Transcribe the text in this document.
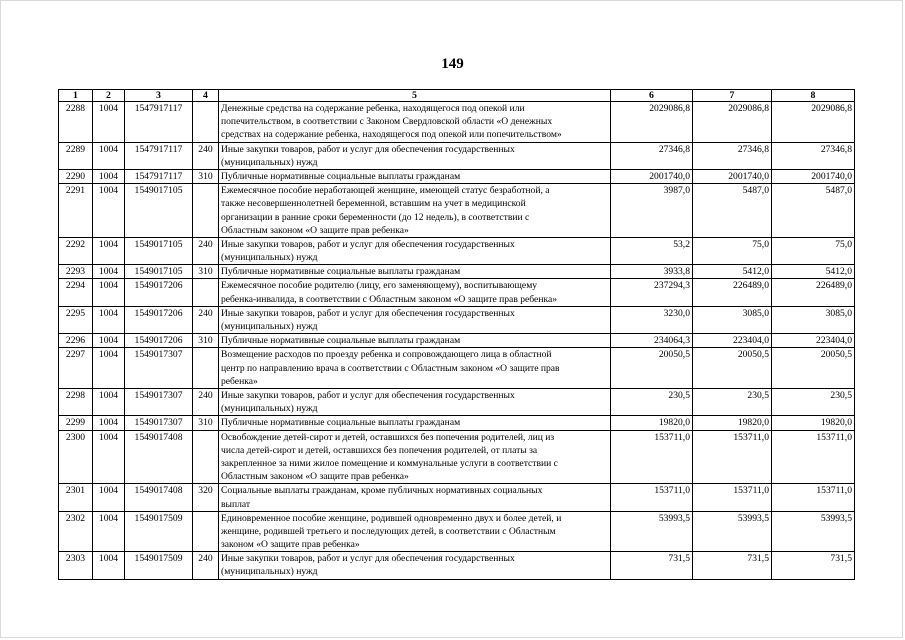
149
1	2	3	4	5	6	7	8
2288	1004	1547917117		Денежные средства на содержание ребенка, находящегося под опекой или
попечительством, в соответствии с Законом Свердловской области «О денежных
средствах на содержание ребенка, находящегося под опекой или попечительством»	2029086,8	2029086,8	2029086,8
2289	1004	1547917117	240	Иные закупки товаров, работ и услуг для обеспечения государственных
(муниципальных) нужд	27346,8	27346,8	27346,8
2290	1004	1547917117	310	Публичные нормативные социальные выплаты гражданам	2001740,0	2001740,0	2001740,0
2291	1004	1549017105		Ежемесячное пособие неработающей женщине, имеющей статус безработной, а
также несовершеннолетней беременной, вставшим на учет в медицинской
организации в ранние сроки беременности (до 12 недель), в соответствии с
Областным законом «О защите прав ребенка»	3987,0	5487,0	5487,0
2292	1004	1549017105	240	Иные закупки товаров, работ и услуг для обеспечения государственных
(муниципальных) нужд	53,2	75,0	75,0
2293	1004	1549017105	310	Публичные нормативные социальные выплаты гражданам	3933,8	5412,0	5412,0
2294	1004	1549017206		Ежемесячное пособие родителю (лицу, его заменяющему), воспитывающему
ребенка-инвалида, в соответствии с Областным законом «О защите прав ребенка»	237294,3	226489,0	226489,0
2295	1004	1549017206	240	Иные закупки товаров, работ и услуг для обеспечения государственных
(муниципальных) нужд	3230,0	3085,0	3085,0
2296	1004	1549017206	310	Публичные нормативные социальные выплаты гражданам	234064,3	223404,0	223404,0
2297	1004	1549017307		Возмещение расходов по проезду ребенка и сопровождающего лица в областной
центр по направлению врача в соответствии с Областным законом «О защите прав
ребенка»	20050,5	20050,5	20050,5
2298	1004	1549017307	240	Иные закупки товаров, работ и услуг для обеспечения государственных
(муниципальных) нужд	230,5	230,5	230,5
2299	1004	1549017307	310	Публичные нормативные социальные выплаты гражданам	19820,0	19820,0	19820,0
2300	1004	1549017408		Освобождение детей-сирот и детей, оставшихся без попечения родителей, лиц из
числа детей-сирот и детей, оставшихся без попечения родителей, от платы за
закрепленное за ними жилое помещение и коммунальные услуги в соответствии с
Областным законом «О защите прав ребенка»	153711,0	153711,0	153711,0
2301	1004	1549017408	320	Социальные выплаты гражданам, кроме публичных нормативных социальных
выплат	153711,0	153711,0	153711,0
2302	1004	1549017509		Единовременное пособие женщине, родившей одновременно двух и более детей, и
женщине, родившей третьего и последующих детей, в соответствии с Областным
законом «О защите прав ребенка»	53993,5	53993,5	53993,5
2303	1004	1549017509	240	Иные закупки товаров, работ и услуг для обеспечения государственных
(муниципальных) нужд	731,5	731,5	731,5
